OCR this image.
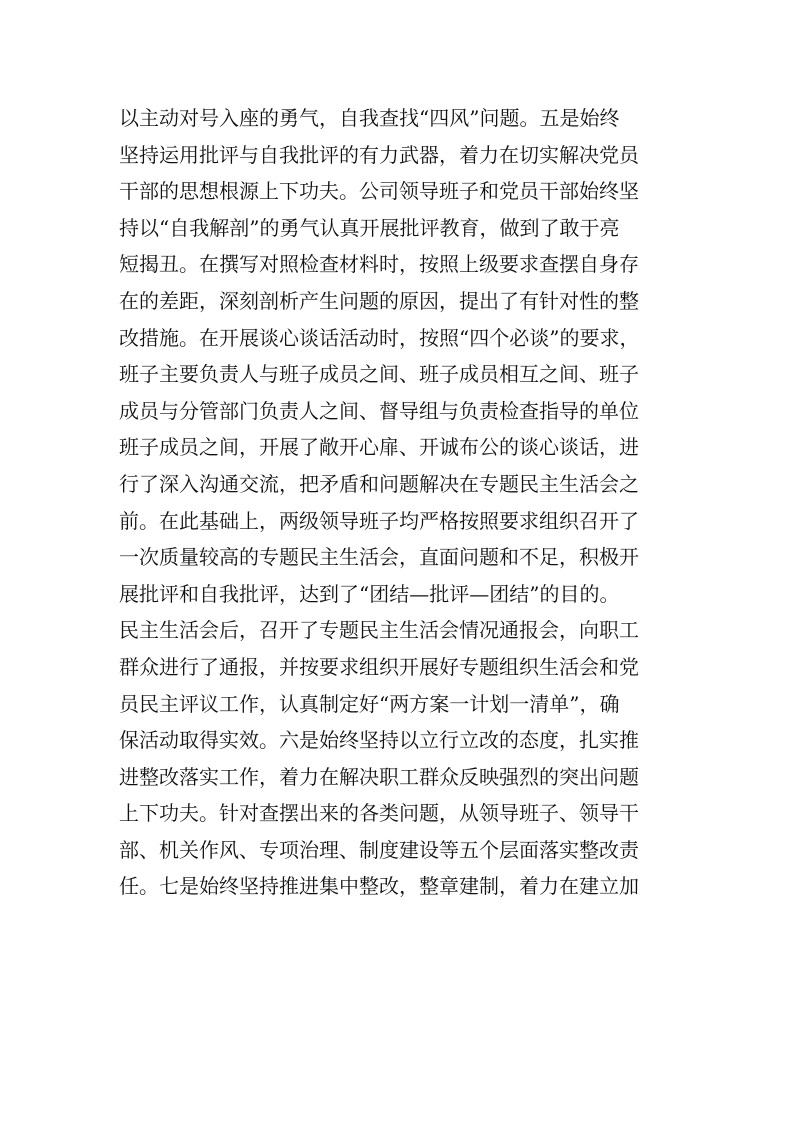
以主动对号入座的勇气，自我查找“四风”问题。五是始终
坚持运用批评与自我批评的有力武器，着力在切实解决党员
干部的思想根源上下功夫。公司领导班子和党员干部始终坚
持以“自我解剖”的勇气认真开展批评教育，做到了敢于亮
短揭丑。在撰写对照检查材料时，按照上级要求查摆自身存
在的差距，深刻剖析产生问题的原因，提出了有针对性的整
改措施。在开展谈心谈话活动时，按照“四个必谈”的要求，
班子主要负责人与班子成员之间、班子成员相互之间、班子
成员与分管部门负责人之间、督导组与负责检查指导的单位
班子成员之间，开展了敞开心扉、开诚布公的谈心谈话，进
行了深入沟通交流，把矛盾和问题解决在专题民主生活会之
前。在此基础上，两级领导班子均严格按照要求组织召开了
一次质量较高的专题民主生活会，直面问题和不足，积极开
展批评和自我批评，达到了“团结—批评—团结”的目的。
民主生活会后，召开了专题民主生活会情况通报会，向职工
群众进行了通报，并按要求组织开展好专题组织生活会和党
员民主评议工作，认真制定好“两方案一计划一清单”，确
保活动取得实效。六是始终坚持以立行立改的态度，扎实推
进整改落实工作，着力在解决职工群众反映强烈的突出问题
上下功夫。针对查摆出来的各类问题，从领导班子、领导干
部、机关作风、专项治理、制度建设等五个层面落实整改责
任。七是始终坚持推进集中整改，整章建制，着力在建立加
